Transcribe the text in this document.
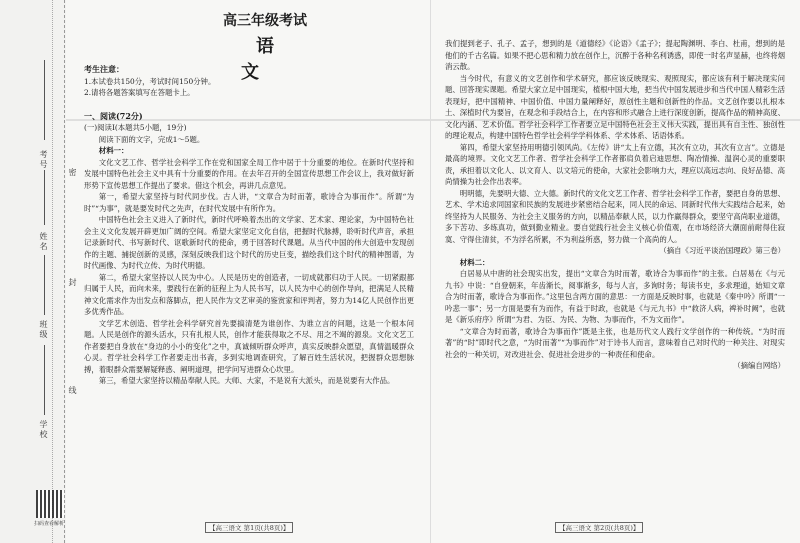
考号
姓名
班级
学校
密
封
线
扫码查看解析
高三年级考试
语 文

考生注意：

1.本试卷共150分，考试时间150分钟。

2.请将各题答案填写在答题卡上。

一、阅读(72分)

(一)阅读Ⅰ(本题共5小题，19分)

阅读下面的文字，完成1～5题。

材料一：

文化文艺工作、哲学社会科学工作在党和国家全局工作中居于十分重要的地位。在新时代坚持和发展中国特色社会主义中具有十分重要的作用。在去年召开的全国宣传思想工作会议上，我对做好新形势下宣传思想工作提出了要求。借这个机会，再讲几点意见。

第一，希望大家坚持与时代同步伐。古人讲，“文章合为时而著，歌诗合为事而作”。所谓“为时”“为事”，就是要发时代之先声，在时代发展中有所作为。

中国特色社会主义进入了新时代，新时代呼唤着杰出的文学家、艺术家、理论家，为中国特色社会主义文化发展开辟更加广阔的空间。希望大家坚定文化自信，把握时代脉搏，聆听时代声音，承担记录新时代、书写新时代、讴歌新时代的使命，勇于回答时代课题。从当代中国的伟大创造中发现创作的主题、捕捉创新的灵感，深刻反映我们这个时代的历史巨变，描绘我们这个时代的精神图谱，为时代画像、为时代立传、为时代明德。

第二，希望大家坚持以人民为中心。人民是历史的创造者，一切成就都归功于人民。一切紧跟都归属于人民，而向未来，要践行在新的征程上为人民书写，以人民为中心的创作导向，把满足人民精神文化需求作为出发点和落脚点，把人民作为文艺审美的鉴赏家和评判者，努力为14亿人民创作出更多优秀作品。

文学艺术创造、哲学社会科学研究首先要搞清楚为谁创作、为谁立言的问题，这是一个根本问题。人民是创作的源头活水，只有扎根人民，创作才能获得取之不尽、用之不竭的源泉。文化文艺工作者要把自身放在“身边的小小的变化”之中，真诚倾听群众呼声，真实反映群众愿望，真情温暖群众心灵。哲学社会科学工作者要走出书斋，多到实地调查研究，了解百姓生活状况，把握群众思想脉搏，着眼群众需要解疑释惑、阐明道理，把学问写进群众心坎里。

第三，希望大家坚持以精品奉献人民。大师、大家，不是说有大派头，而是说要有大作品。

我们提到老子、孔子、孟子，想到的是《道德经》《论语》《孟子》；提起陶渊明、李白、杜甫，想到的是他们的千古名篇。如果不把心思和精力放在创作上，沉醉于各种名利诱惑，即使一时名声显赫，也终将烟消云散。

当今时代，有意义的文艺创作和学术研究，都应该反映现实、观照现实，都应该有利于解决现实问题、回答现实课题。希望大家立足中国现实，植根中国大地，把当代中国发展进步和当代中国人精彩生活表现好，把中国精神、中国价值、中国力量阐释好，原创性主题和创新性的作品。文艺创作要以扎根本土、深植时代为要旨，在观念和手段结合上，在内容和形式融合上进行深度创新，提高作品的精神高度、文化内涵、艺术价值。哲学社会科学工作者要立足中国特色社会主义伟大实践，提出具有自主性、独创性的理论观点，构建中国特色哲学社会科学学科体系、学术体系、话语体系。

第四，希望大家坚持用明德引领风尚。《左传》讲“太上有立德，其次有立功，其次有立言”。立德是最高的境界。文化文艺工作者、哲学社会科学工作者都肩负着启迪思想、陶冶情操、温润心灵的重要职责，承担着以文化人、以文育人、以文培元的使命，大家社会影响力大，理应以高远志向、良好品德、高尚情操为社会作出表率。

明明德，先要明大德、立大德。新时代的文化文艺工作者、哲学社会科学工作者，要把自身的思想、艺术、学术追求同国家和民族的发展进步紧密结合起来，同人民的命运、同新时代伟大实践结合起来，始终坚持为人民服务、为社会主义服务的方向，以精品奉献人民，以力作赢得群众，要坚守高尚职业道德，多下苦功、多练真功，做到勤业精业。要自觉践行社会主义核心价值观，在市场经济大潮面前耐得住寂寞、守得住清贫，不为浮名所累，不为利益所惑，努力做一个高尚的人。

（摘自《习近平谈治国理政》第三卷）

材料二：

白居易从中唐的社会现实出发，提出“文章合为时而著，歌诗合为事而作”的主张。白居易在《与元九书》中说：“自登朝来，年齿渐长，阅事渐多，每与人言，多询时务；每读书史，多求理道，始知文章合为时而著，歌诗合为事而作。”这里包含两方面的意思：一方面是反映时事，也就是《秦中吟》所谓“一吟悲一事”；另一方面是要有为而作，有益于时政，也就是《与元九书》中“救济人病，裨补时阙”，也就是《新乐府序》所谓“为君、为臣、为民、为物、为事而作，不为文而作”。

“文章合为时而著，歌诗合为事而作”既是主张，也是历代文人践行文学创作的一种传统。“为时而著”的“时”即时代之意，“为时而著”“为事而作”对于诗书人而言，意味着自己对时代的一种关注、对现实社会的一种关切，对改进社会、促进社会进步的一种责任和使命。

（摘编自网络）

【高三语文 第1页(共8页)】	【高三语文 第2页(共8页)】
